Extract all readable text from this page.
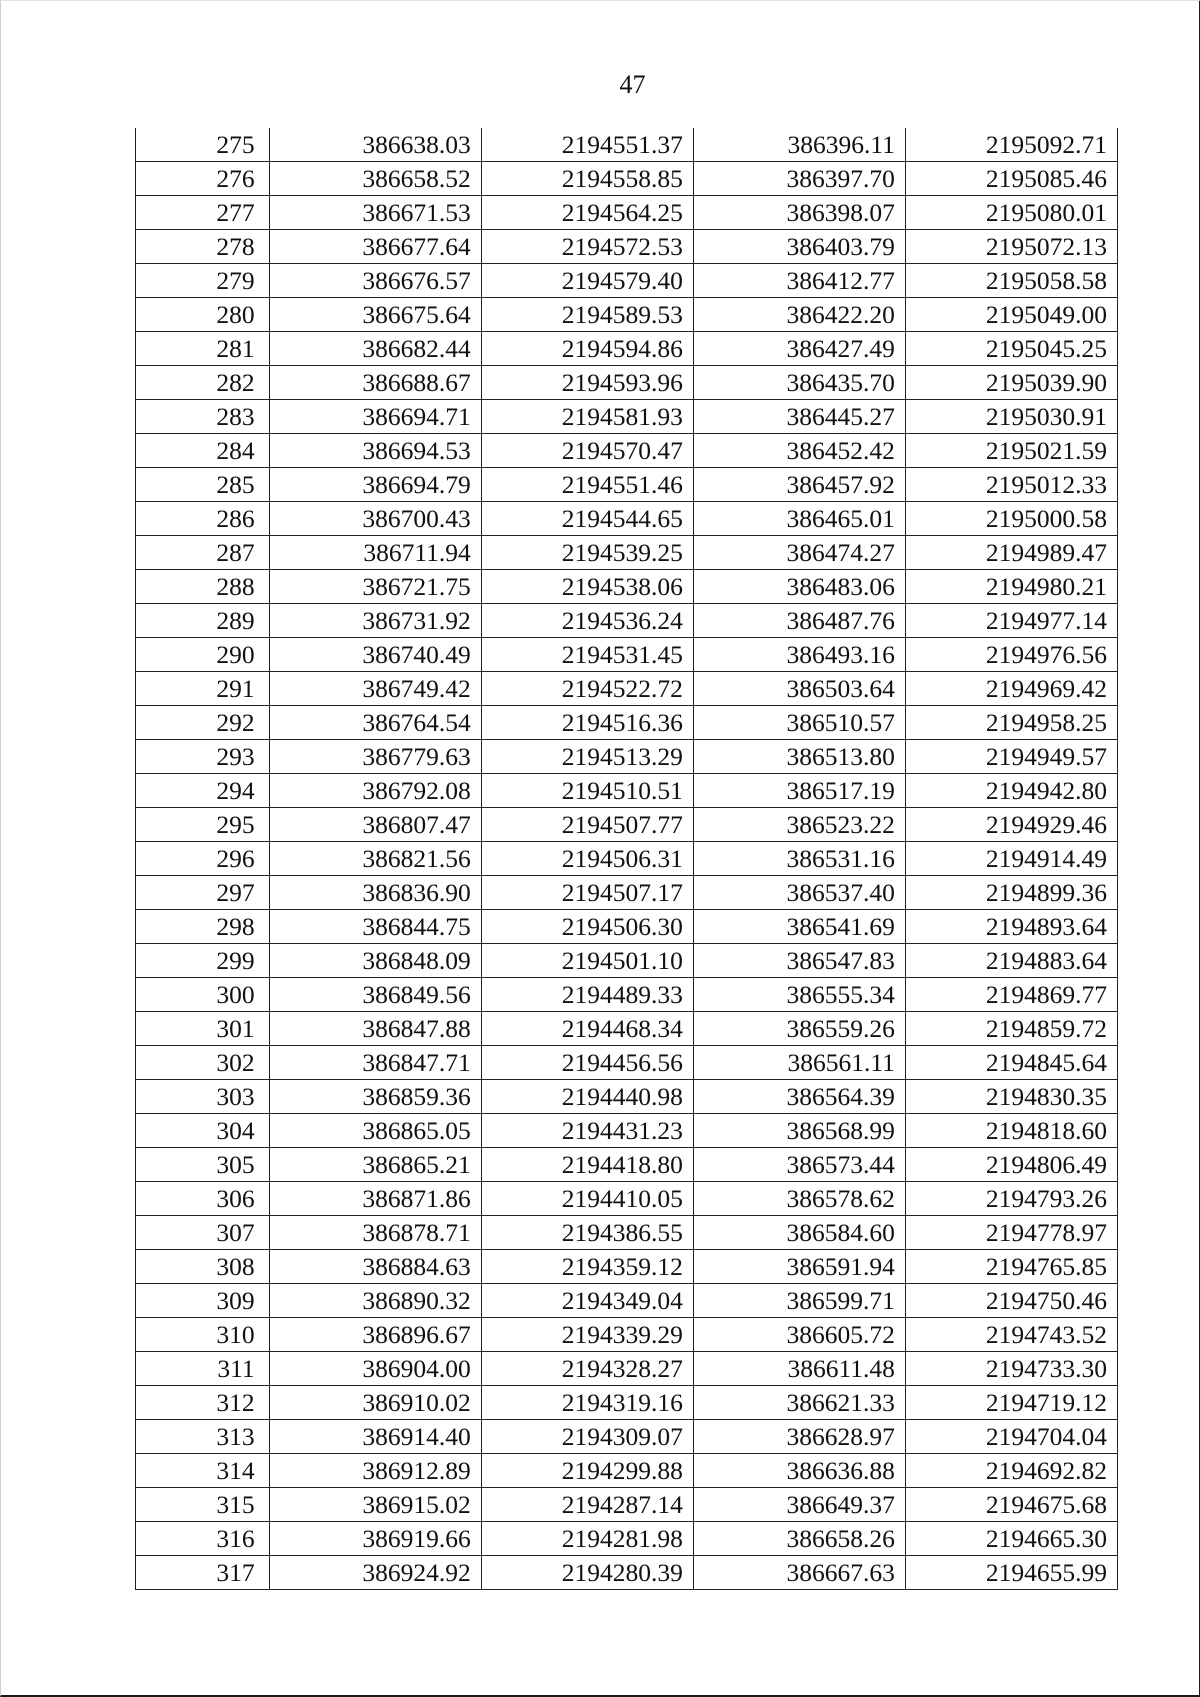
47
275	386638.03	2194551.37	386396.11	2195092.71
276	386658.52	2194558.85	386397.70	2195085.46
277	386671.53	2194564.25	386398.07	2195080.01
278	386677.64	2194572.53	386403.79	2195072.13
279	386676.57	2194579.40	386412.77	2195058.58
280	386675.64	2194589.53	386422.20	2195049.00
281	386682.44	2194594.86	386427.49	2195045.25
282	386688.67	2194593.96	386435.70	2195039.90
283	386694.71	2194581.93	386445.27	2195030.91
284	386694.53	2194570.47	386452.42	2195021.59
285	386694.79	2194551.46	386457.92	2195012.33
286	386700.43	2194544.65	386465.01	2195000.58
287	386711.94	2194539.25	386474.27	2194989.47
288	386721.75	2194538.06	386483.06	2194980.21
289	386731.92	2194536.24	386487.76	2194977.14
290	386740.49	2194531.45	386493.16	2194976.56
291	386749.42	2194522.72	386503.64	2194969.42
292	386764.54	2194516.36	386510.57	2194958.25
293	386779.63	2194513.29	386513.80	2194949.57
294	386792.08	2194510.51	386517.19	2194942.80
295	386807.47	2194507.77	386523.22	2194929.46
296	386821.56	2194506.31	386531.16	2194914.49
297	386836.90	2194507.17	386537.40	2194899.36
298	386844.75	2194506.30	386541.69	2194893.64
299	386848.09	2194501.10	386547.83	2194883.64
300	386849.56	2194489.33	386555.34	2194869.77
301	386847.88	2194468.34	386559.26	2194859.72
302	386847.71	2194456.56	386561.11	2194845.64
303	386859.36	2194440.98	386564.39	2194830.35
304	386865.05	2194431.23	386568.99	2194818.60
305	386865.21	2194418.80	386573.44	2194806.49
306	386871.86	2194410.05	386578.62	2194793.26
307	386878.71	2194386.55	386584.60	2194778.97
308	386884.63	2194359.12	386591.94	2194765.85
309	386890.32	2194349.04	386599.71	2194750.46
310	386896.67	2194339.29	386605.72	2194743.52
311	386904.00	2194328.27	386611.48	2194733.30
312	386910.02	2194319.16	386621.33	2194719.12
313	386914.40	2194309.07	386628.97	2194704.04
314	386912.89	2194299.88	386636.88	2194692.82
315	386915.02	2194287.14	386649.37	2194675.68
316	386919.66	2194281.98	386658.26	2194665.30
317	386924.92	2194280.39	386667.63	2194655.99
